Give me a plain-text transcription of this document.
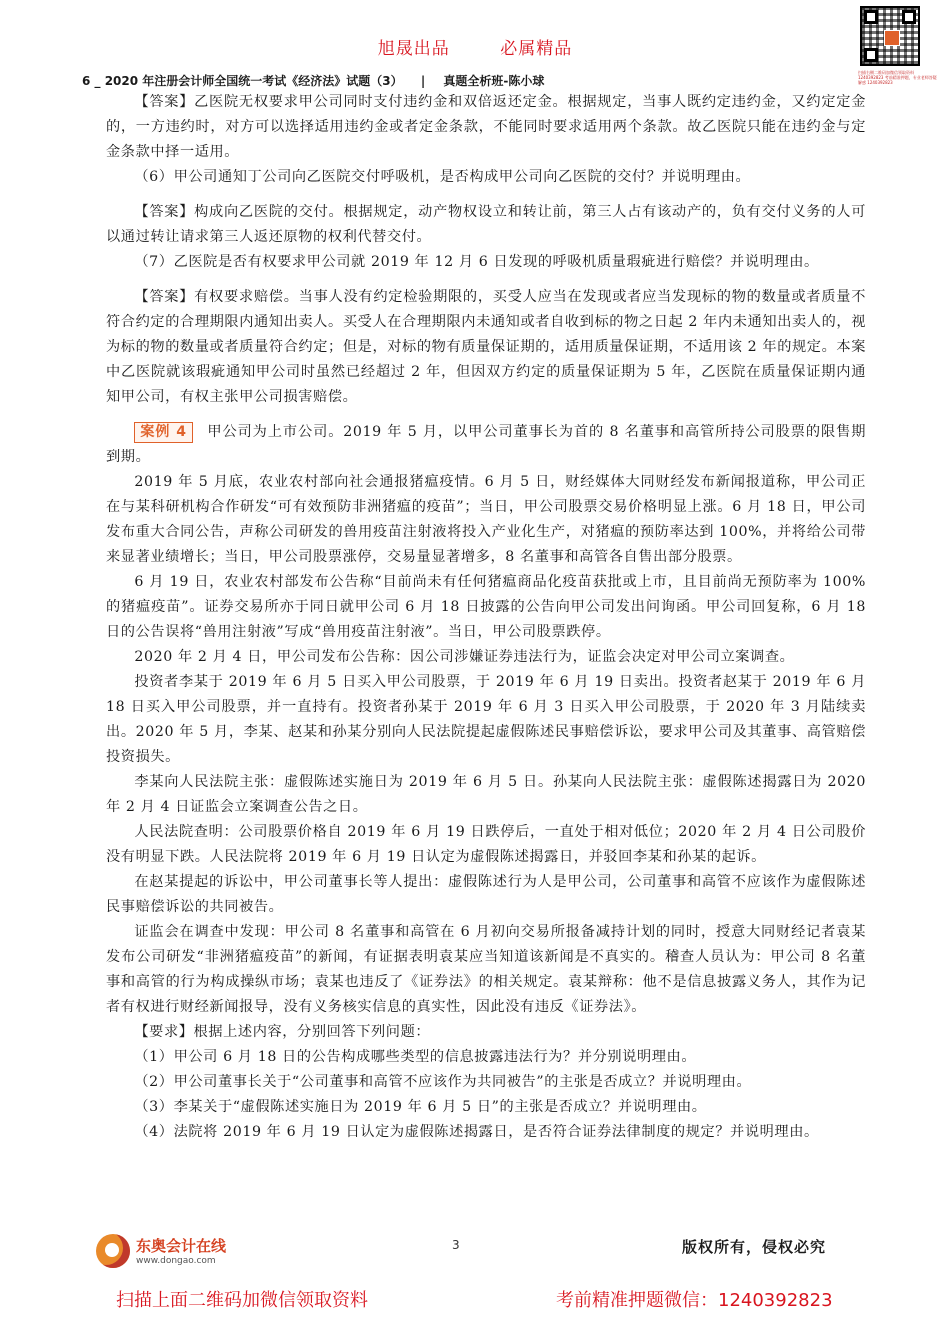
旭晟出品	必属精品
扫描右侧二维码加微信领取资料 1240392823 考前精准押题，专业老师答疑解惑 1240392823
6 _ 2020 年注册会计师全国统一考试《经济法》试题（3） | 真题全析班-陈小球

【答案】乙医院无权要求甲公司同时支付违约金和双倍返还定金。根据规定，当事人既约定违约金，又约定定金的，一方违约时，对方可以选择适用违约金或者定金条款，不能同时要求适用两个条款。故乙医院只能在违约金与定金条款中择一适用。

（6）甲公司通知丁公司向乙医院交付呼吸机，是否构成甲公司向乙医院的交付？并说明理由。

【答案】构成向乙医院的交付。根据规定，动产物权设立和转让前，第三人占有该动产的，负有交付义务的人可以通过转让请求第三人返还原物的权利代替交付。

（7）乙医院是否有权要求甲公司就 2019 年 12 月 6 日发现的呼吸机质量瑕疵进行赔偿？并说明理由。

【答案】有权要求赔偿。当事人没有约定检验期限的，买受人应当在发现或者应当发现标的物的数量或者质量不符合约定的合理期限内通知出卖人。买受人在合理期限内未通知或者自收到标的物之日起 2 年内未通知出卖人的，视为标的物的数量或者质量符合约定；但是，对标的物有质量保证期的，适用质量保证期，不适用该 2 年的规定。本案中乙医院就该瑕疵通知甲公司时虽然已经超过 2 年，但因双方约定的质量保证期为 5 年，乙医院在质量保证期内通知甲公司，有权主张甲公司损害赔偿。

案例 4 甲公司为上市公司。2019 年 5 月，以甲公司董事长为首的 8 名董事和高管所持公司股票的限售期到期。

2019 年 5 月底，农业农村部向社会通报猪瘟疫情。6 月 5 日，财经媒体大同财经发布新闻报道称，甲公司正在与某科研机构合作研发“可有效预防非洲猪瘟的疫苗”；当日，甲公司股票交易价格明显上涨。6 月 18 日，甲公司发布重大合同公告，声称公司研发的兽用疫苗注射液将投入产业化生产，对猪瘟的预防率达到 100%，并将给公司带来显著业绩增长；当日，甲公司股票涨停，交易量显著增多，8 名董事和高管各自售出部分股票。

6 月 19 日，农业农村部发布公告称“目前尚未有任何猪瘟商品化疫苗获批或上市，且目前尚无预防率为 100%的猪瘟疫苗”。证券交易所亦于同日就甲公司 6 月 18 日披露的公告向甲公司发出问询函。甲公司回复称，6 月 18 日的公告误将“兽用注射液”写成“兽用疫苗注射液”。当日，甲公司股票跌停。

2020 年 2 月 4 日，甲公司发布公告称：因公司涉嫌证券违法行为，证监会决定对甲公司立案调查。

投资者李某于 2019 年 6 月 5 日买入甲公司股票，于 2019 年 6 月 19 日卖出。投资者赵某于 2019 年 6 月 18 日买入甲公司股票，并一直持有。投资者孙某于 2019 年 6 月 3 日买入甲公司股票，于 2020 年 3 月陆续卖出。2020 年 5 月，李某、赵某和孙某分别向人民法院提起虚假陈述民事赔偿诉讼，要求甲公司及其董事、高管赔偿投资损失。

李某向人民法院主张：虚假陈述实施日为 2019 年 6 月 5 日。孙某向人民法院主张：虚假陈述揭露日为 2020 年 2 月 4 日证监会立案调查公告之日。

人民法院查明：公司股票价格自 2019 年 6 月 19 日跌停后，一直处于相对低位；2020 年 2 月 4 日公司股价没有明显下跌。人民法院将 2019 年 6 月 19 日认定为虚假陈述揭露日，并驳回李某和孙某的起诉。

在赵某提起的诉讼中，甲公司董事长等人提出：虚假陈述行为人是甲公司，公司董事和高管不应该作为虚假陈述民事赔偿诉讼的共同被告。

证监会在调查中发现：甲公司 8 名董事和高管在 6 月初向交易所报备减持计划的同时，授意大同财经记者袁某发布公司研发“非洲猪瘟疫苗”的新闻，有证据表明袁某应当知道该新闻是不真实的。稽查人员认为：甲公司 8 名董事和高管的行为构成操纵市场；袁某也违反了《证券法》的相关规定。袁某辩称：他不是信息披露义务人，其作为记者有权进行财经新闻报导，没有义务核实信息的真实性，因此没有违反《证券法》。

【要求】根据上述内容，分别回答下列问题：

（1）甲公司 6 月 18 日的公告构成哪些类型的信息披露违法行为？并分别说明理由。

（2）甲公司董事长关于“公司董事和高管不应该作为共同被告”的主张是否成立？并说明理由。

（3）李某关于“虚假陈述实施日为 2019 年 6 月 5 日”的主张是否成立？并说明理由。

（4）法院将 2019 年 6 月 19 日认定为虚假陈述揭露日，是否符合证券法律制度的规定？并说明理由。

东奥会计在线
www.dongao.com
3	版权所有，侵权必究
扫描上面二维码加微信领取资料	考前精准押题微信：1240392823
